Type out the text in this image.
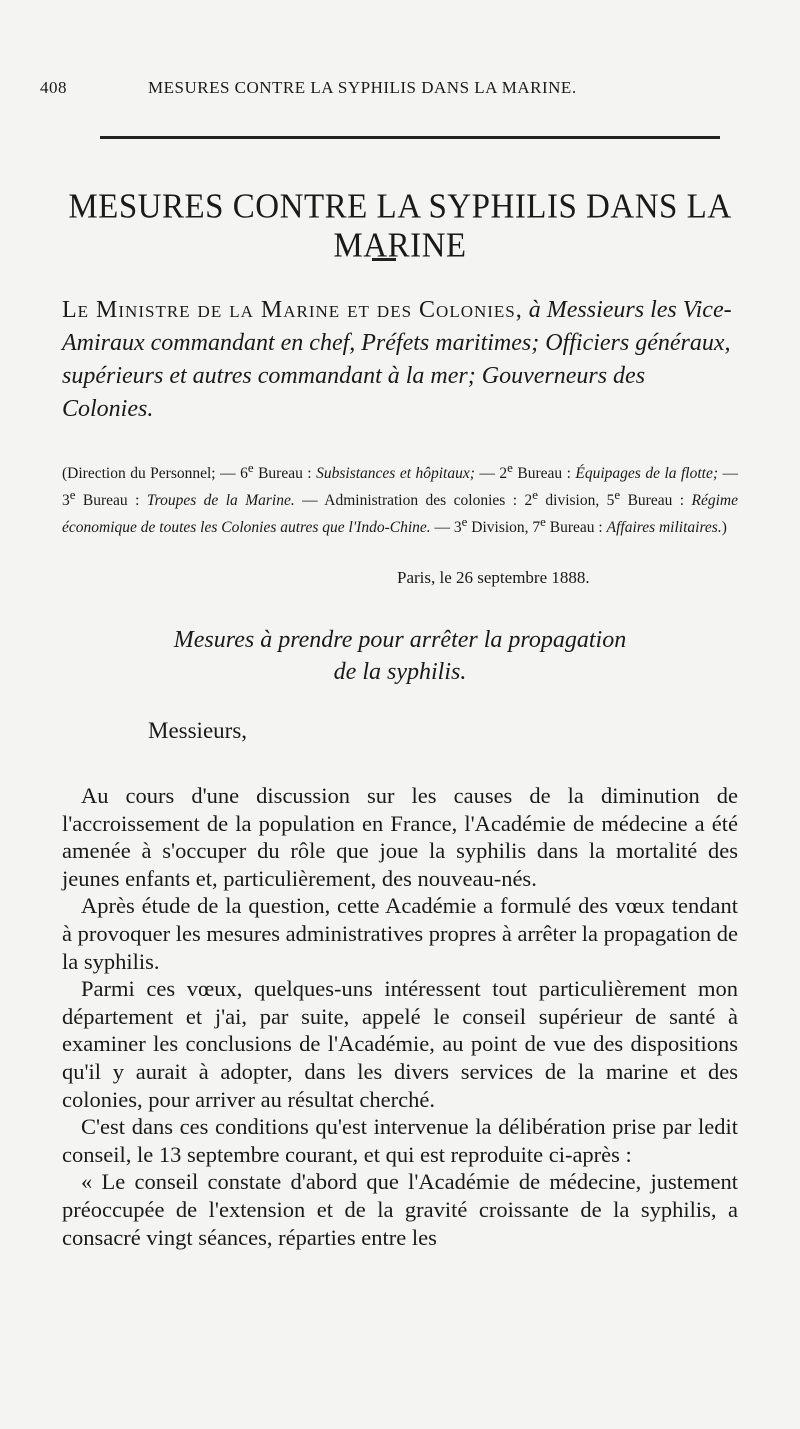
408	MESURES CONTRE LA SYPHILIS DANS LA MARINE.
MESURES CONTRE LA SYPHILIS DANS LA MARINE
Le Ministre de la Marine et des Colonies, à Messieurs les Vice-Amiraux commandant en chef, Préfets maritimes; Officiers généraux, supérieurs et autres commandant à la mer; Gouverneurs des Colonies.
(Direction du Personnel; — 6e Bureau : Subsistances et hôpitaux; — 2e Bureau : Équipages de la flotte; — 3e Bureau : Troupes de la Marine. — Administration des colonies : 2e division, 5e Bureau : Régime économique de toutes les Colonies autres que l'Indo-Chine. — 3e Division, 7e Bureau : Affaires militaires.)
Paris, le 26 septembre 1888.
Mesures à prendre pour arrêter la propagation
de la syphilis.
Messieurs,

Au cours d'une discussion sur les causes de la diminution de l'accroissement de la population en France, l'Académie de médecine a été amenée à s'occuper du rôle que joue la syphilis dans la mortalité des jeunes enfants et, particulièrement, des nouveau-nés.

Après étude de la question, cette Académie a formulé des vœux tendant à provoquer les mesures administratives propres à arrêter la propagation de la syphilis.

Parmi ces vœux, quelques-uns intéressent tout particulièrement mon département et j'ai, par suite, appelé le conseil supérieur de santé à examiner les conclusions de l'Académie, au point de vue des dispositions qu'il y aurait à adopter, dans les divers services de la marine et des colonies, pour arriver au résultat cherché.

C'est dans ces conditions qu'est intervenue la délibération prise par ledit conseil, le 13 septembre courant, et qui est reproduite ci-après :

« Le conseil constate d'abord que l'Académie de médecine, justement préoccupée de l'extension et de la gravité croissante de la syphilis, a consacré vingt séances, réparties entre les
